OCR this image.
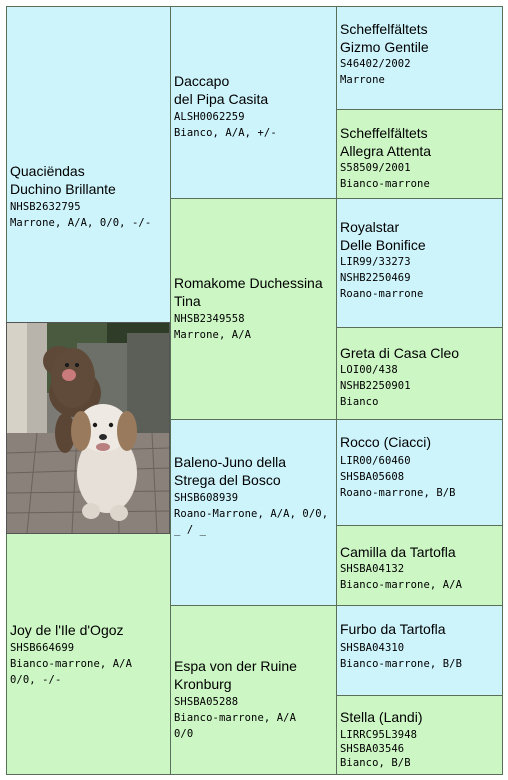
Quaciëndas
Duchino Brillante
NHSB2632795
Marrone, A/A, 0/0, -/-
Joy de l'Ile d'Ogoz
SHSB664699
Bianco-marrone, A/A
0/0, -/-
Daccapo
del Pipa Casita
ALSH0062259
Bianco, A/A, +/-
Romakome Duchessina
Tina
NHSB2349558
Marrone, A/A
Baleno-Juno della
Strega del Bosco
SHSB608939
Roano-Marrone, A/A, 0/0,
_ / _
Espa von der Ruine
Kronburg
SHSBA05288
Bianco-marrone, A/A
0/0
Scheffelfältets
Gizmo Gentile
S46402/2002
Marrone
Scheffelfältets
Allegra Attenta
S58509/2001
Bianco-marrone
Royalstar
Delle Bonifice
LIR99/33273
NSHB2250469
Roano-marrone
Greta di Casa Cleo
LOI00/438
NSHB2250901
Bianco
Rocco (Ciacci)
LIR00/60460
SHSBA05608
Roano-marrone, B/B
Camilla da Tartofla
SHSBA04132
Bianco-marrone, A/A
Furbo da Tartofla
SHSBA04310
Bianco-marrone, B/B
Stella (Landi)
LIRRC95L3948
SHSBA03546
Bianco, B/B
